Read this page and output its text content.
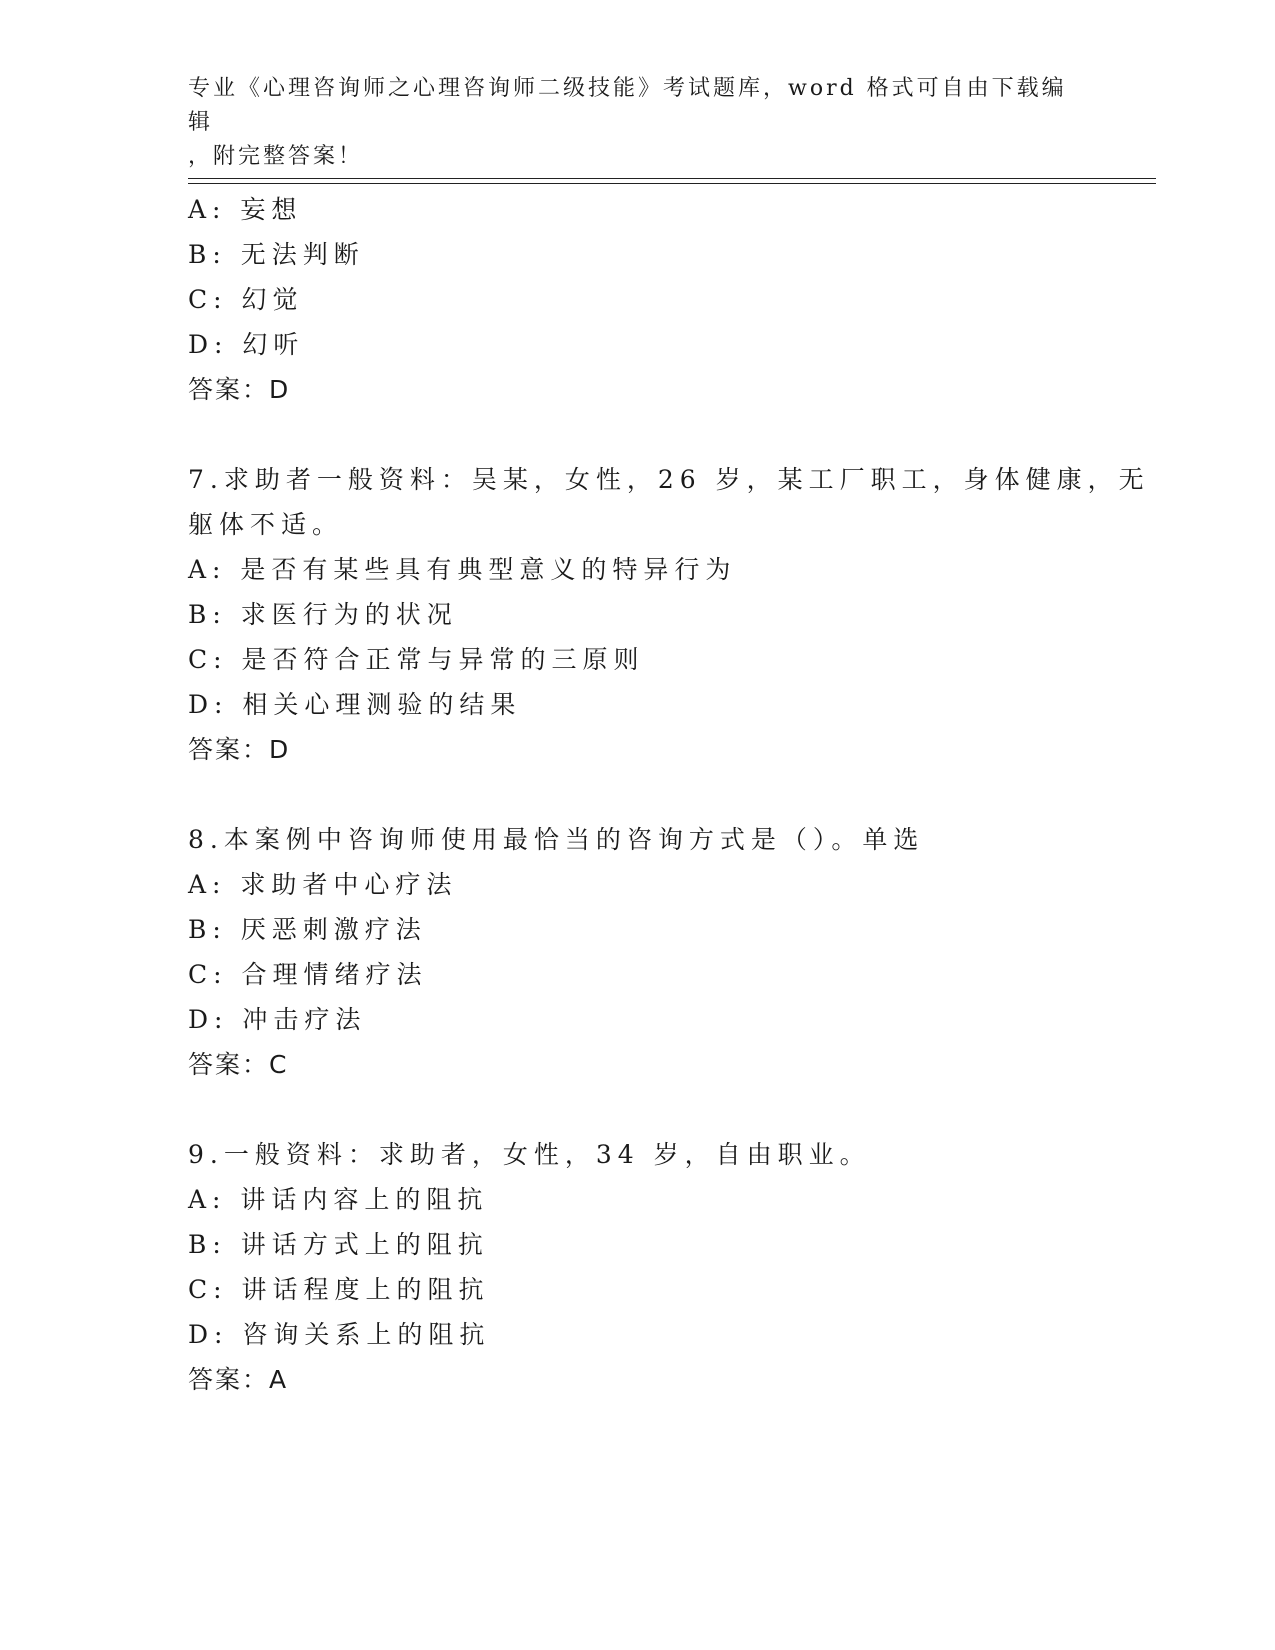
专业《心理咨询师之心理咨询师二级技能》考试题库，word 格式可自由下载编辑
，附完整答案！
A: 妄想
B: 无法判断
C: 幻觉
D: 幻听
答案：D
7.求助者一般资料：吴某，女性，26 岁，某工厂职工，身体健康，无
躯体不适。
A: 是否有某些具有典型意义的特异行为
B: 求医行为的状况
C: 是否符合正常与异常的三原则
D: 相关心理测验的结果
答案：D
8.本案例中咨询师使用最恰当的咨询方式是（）。单选
A: 求助者中心疗法
B: 厌恶刺激疗法
C: 合理情绪疗法
D: 冲击疗法
答案：C
9.一般资料：求助者，女性，34 岁，自由职业。
A: 讲话内容上的阻抗
B: 讲话方式上的阻抗
C: 讲话程度上的阻抗
D: 咨询关系上的阻抗
答案：A
